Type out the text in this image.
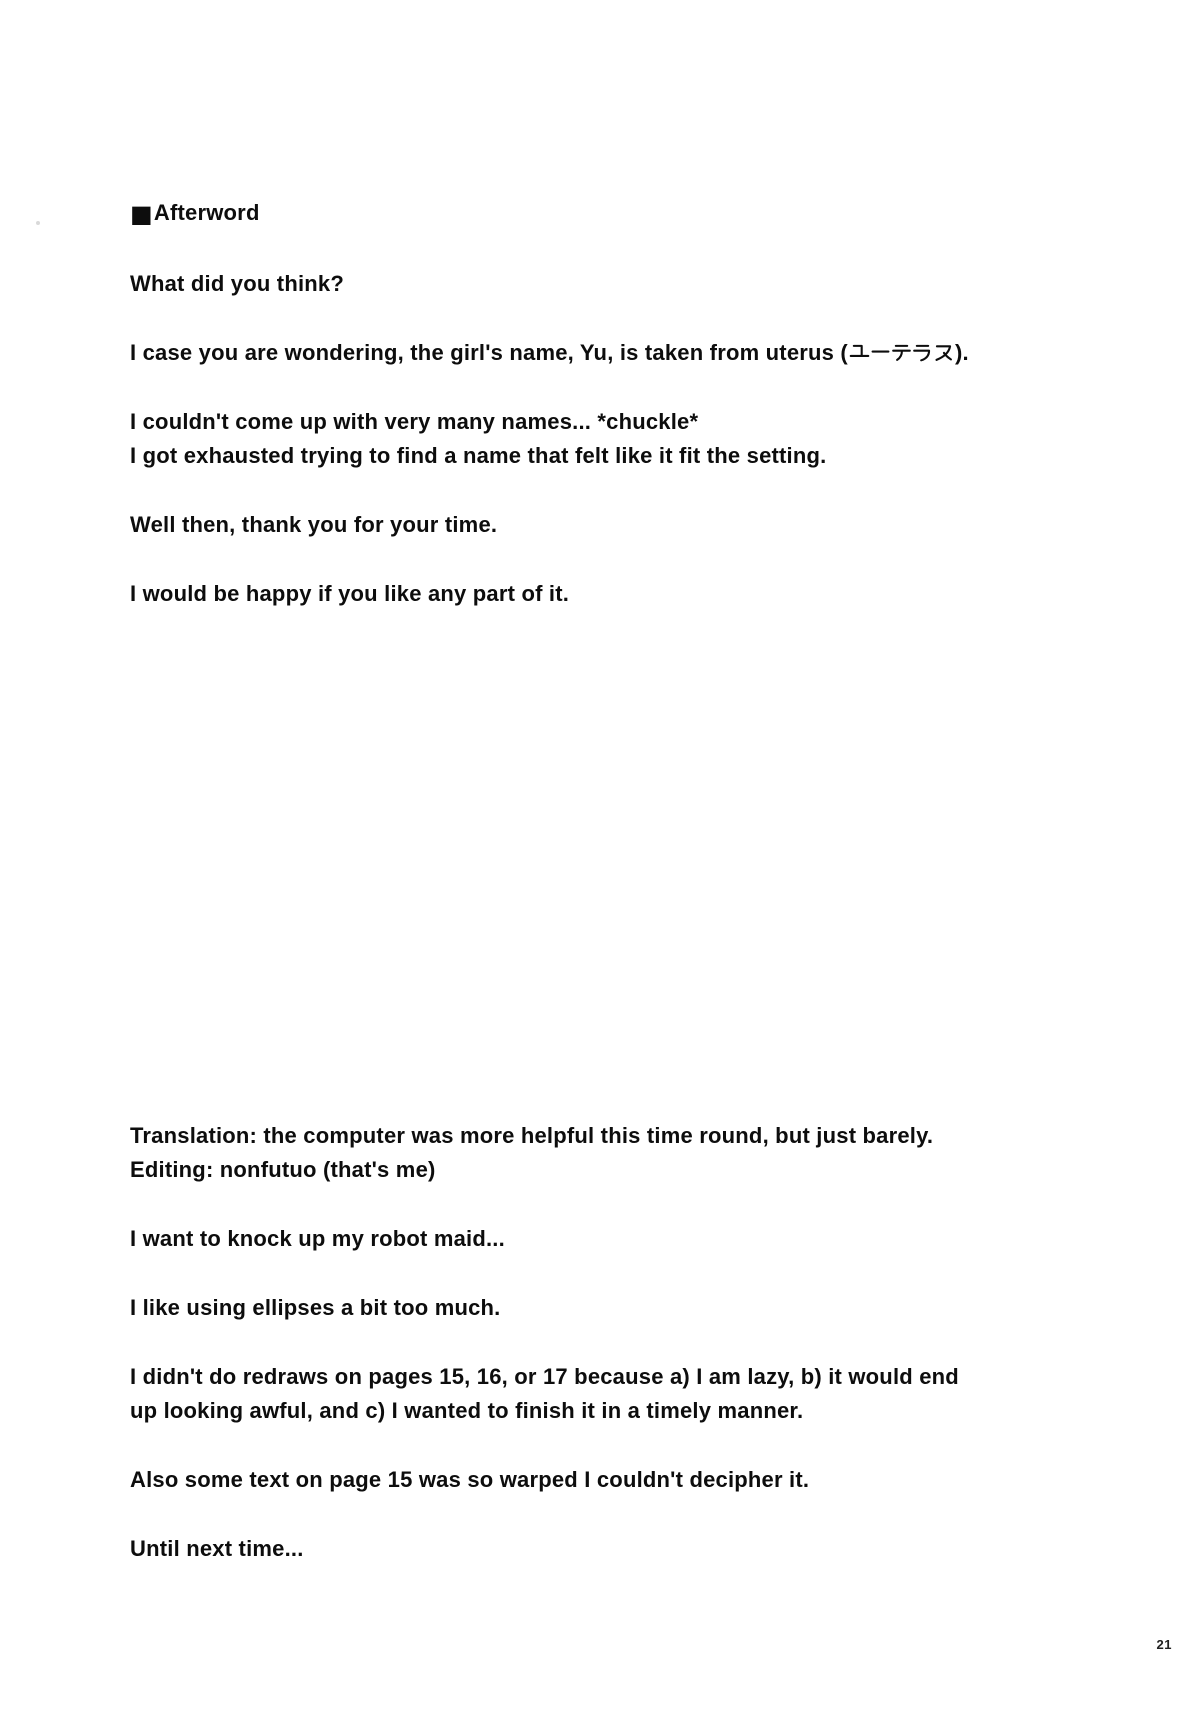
■Afterword

What did you think?

I case you are wondering, the girl's name, Yu, is taken from uterus (	).

I couldn't come up with very many names... *chuckle*
I got exhausted trying to find a name that felt like it fit the setting.

Well then, thank you for your time.

I would be happy if you like any part of it.

Translation: the computer was more helpful this time round, but just barely.
Editing: nonfutuo (that's me)

I want to knock up my robot maid...

I like using ellipses a bit too much.

I didn't do redraws on pages 15, 16, or 17 because a) I am lazy, b) it would end
up looking awful, and c) I wanted to finish it in a timely manner.

Also some text on page 15 was so warped I couldn't decipher it.

Until next time...

21
